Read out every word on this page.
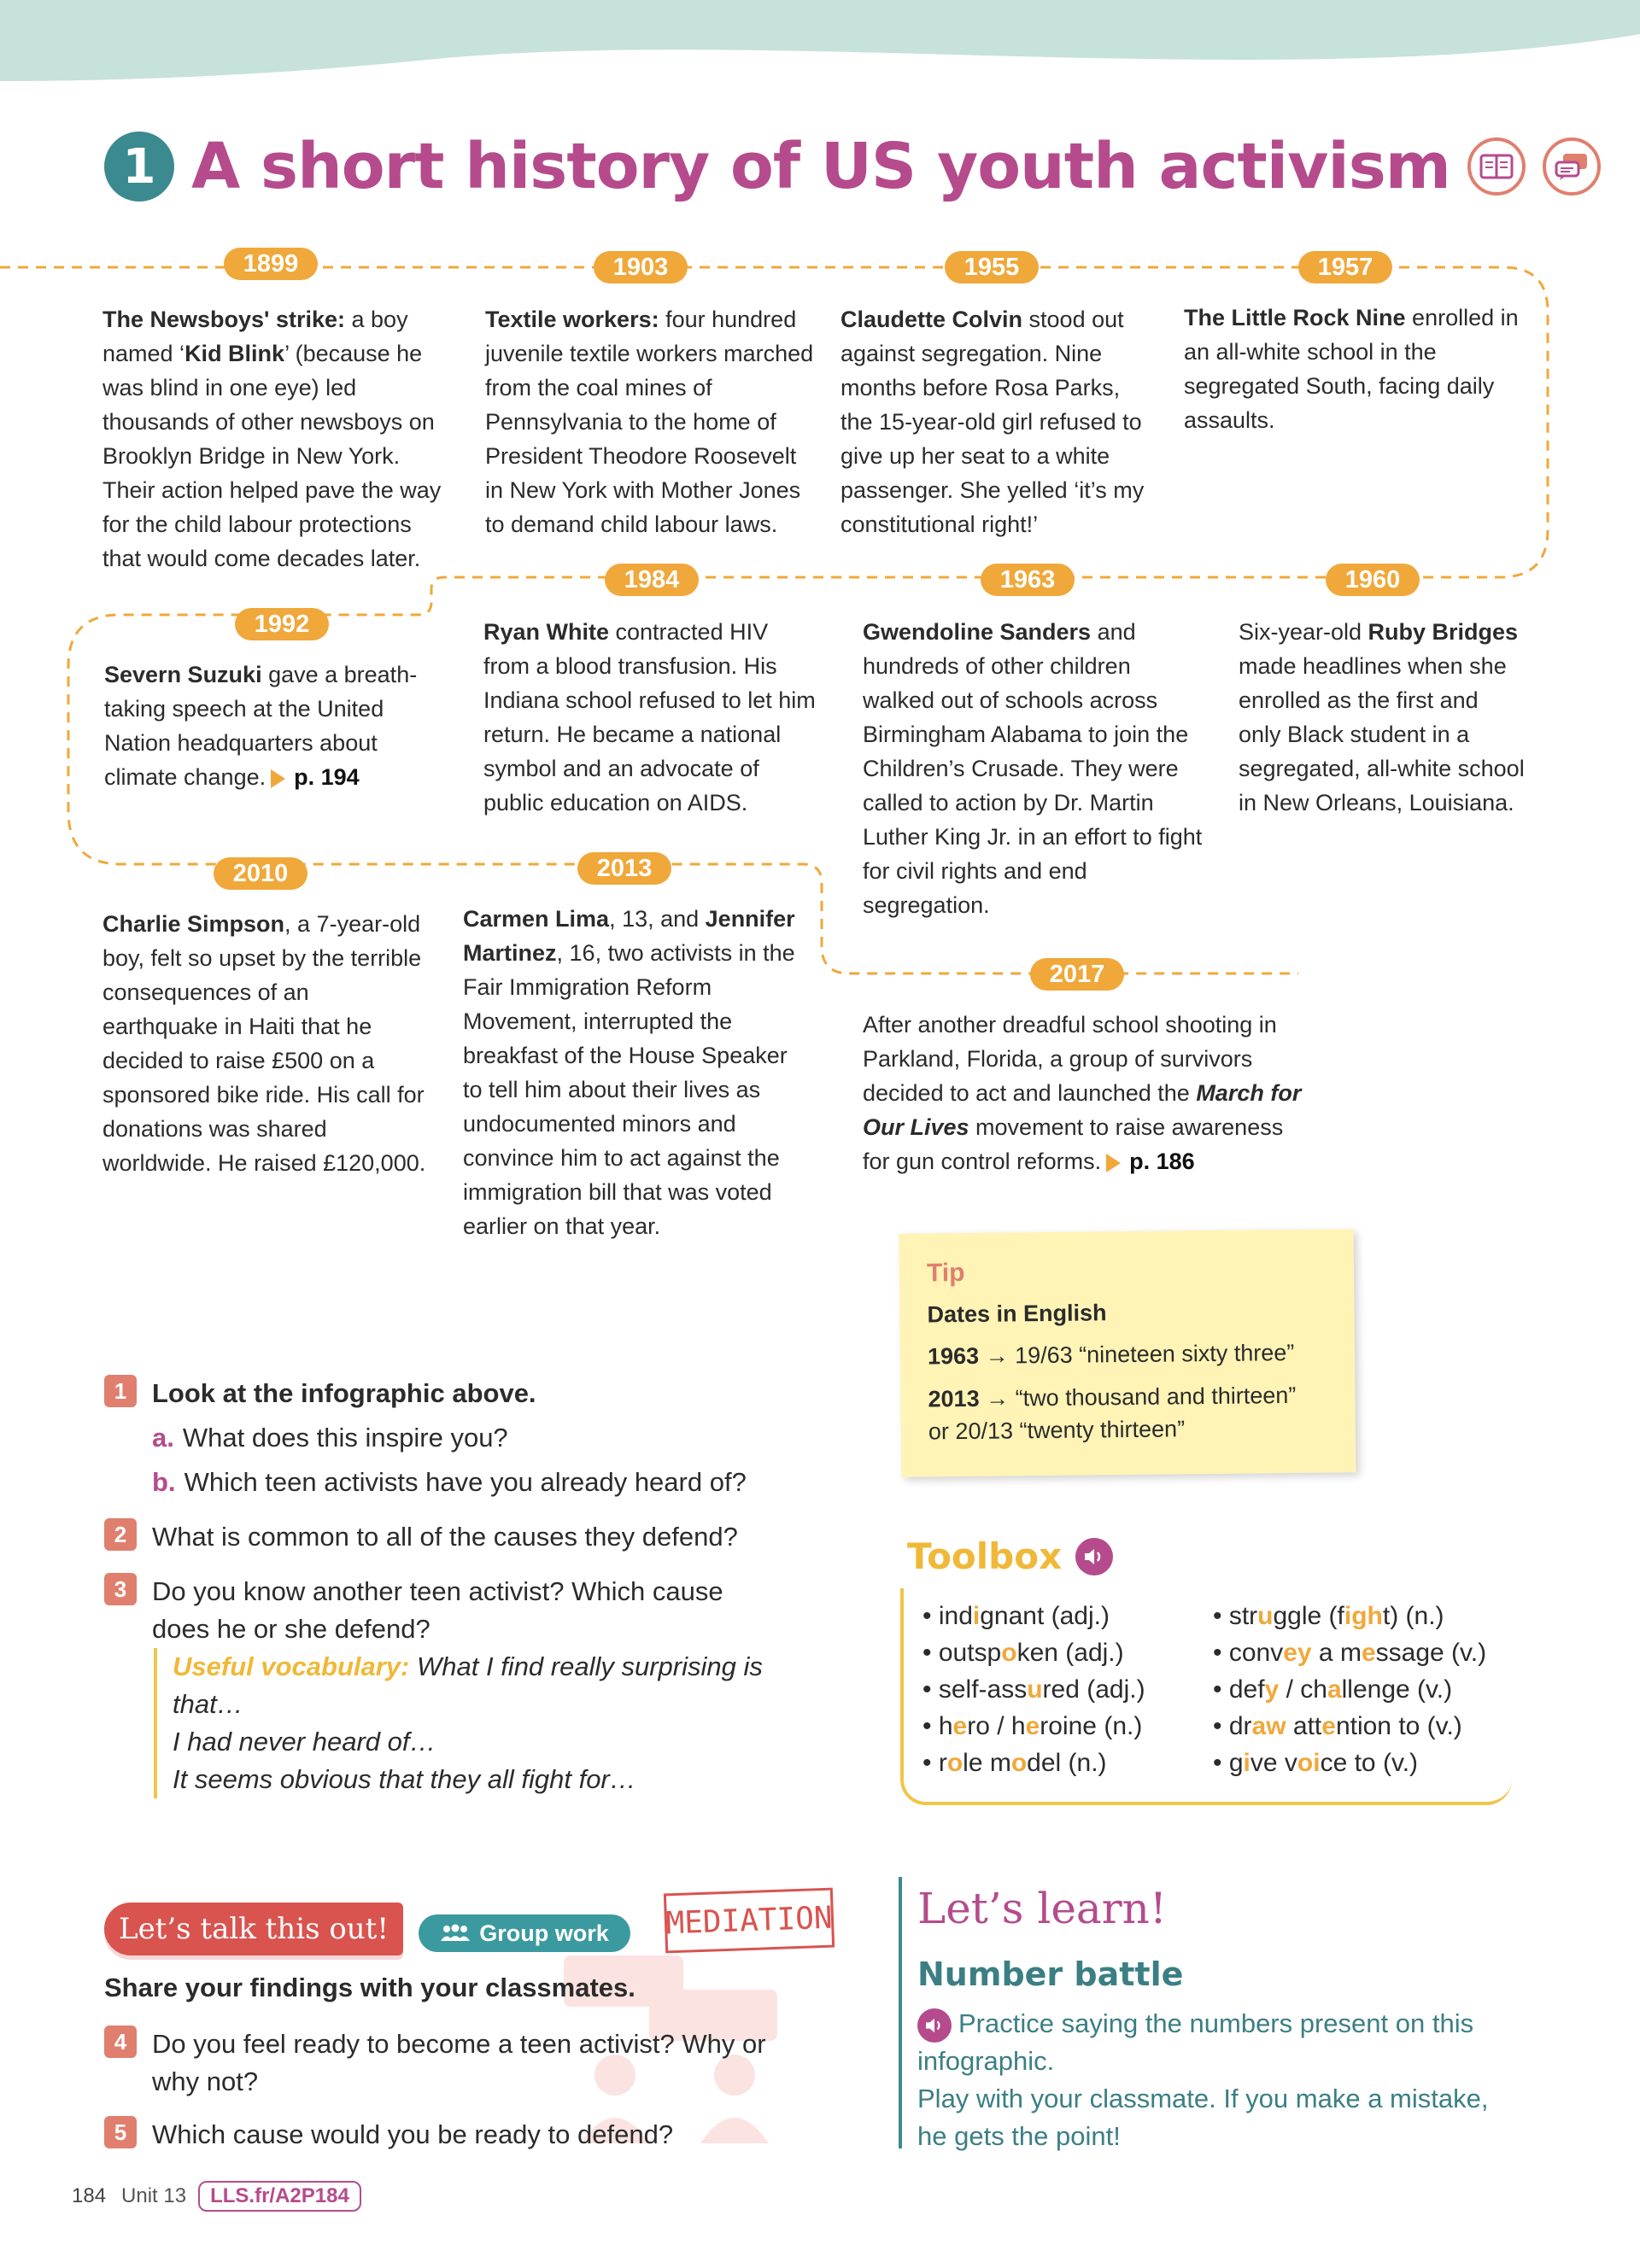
1 A short history of US youth activism
1899	1903	1955	1957
1960
1963
1984
1992
2010	2013
2017
The Newsboys' strike: a boy named ‘Kid Blink’ (because he was blind in one eye) led thousands of other newsboys on Brooklyn Bridge in New York. Their action helped pave the way for the child labour protections that would come decades later.
Textile workers: four hundred juvenile textile workers marched from the coal mines of Pennsylvania to the home of President Theodore Roosevelt in New York with Mother Jones to demand child labour laws.
Claudette Colvin stood out against segregation. Nine months before Rosa Parks, the 15-year-old girl refused to give up her seat to a white passenger. She yelled ‘it’s my constitutional right!’
The Little Rock Nine enrolled in an all-white school in the segregated South, facing daily assaults.
Six-year-old Ruby Bridges made headlines when she enrolled as the first and only Black student in a segregated, all-white school in New Orleans, Louisiana.
Gwendoline Sanders and hundreds of other children walked out of schools across Birmingham Alabama to join the Children’s Crusade. They were called to action by Dr. Martin Luther King Jr. in an effort to fight for civil rights and end segregation.
Ryan White contracted HIV from a blood transfusion. His Indiana school refused to let him return. He became a national symbol and an advocate of public education on AIDS.
Severn Suzuki gave a breath-taking speech at the United Nation headquarters about climate change. p. 194
Charlie Simpson, a 7-year-old boy, felt so upset by the terrible consequences of an earthquake in Haiti that he decided to raise £500 on a sponsored bike ride. His call for donations was shared worldwide. He raised £120,000.
Carmen Lima, 13, and Jennifer Martinez, 16, two activists in the Fair Immigration Reform Movement, interrupted the breakfast of the House Speaker to tell him about their lives as undocumented minors and convince him to act against the immigration bill that was voted earlier on that year.
After another dreadful school shooting in Parkland, Florida, a group of survivors decided to act and launched the March for Our Lives movement to raise awareness for gun control reforms. p. 186
Tip
Dates in English
1963 → 19/63 “nineteen sixty three”
2013 → “two thousand and thirteen”
or 20/13 “twenty thirteen”
1 Look at the infographic above.
a. What does this inspire you?
b. Which teen activists have you already heard of?
2 What is common to all of the causes they defend?
3 Do you know another teen activist? Which cause does he or she defend?
Useful vocabulary: What I find really surprising is that…
I had never heard of…
It seems obvious that they all fight for…
Toolbox
• indignant (adj.)
• outspoken (adj.)
• self-assured (adj.)
• hero / heroine (n.)
• role model (n.)
• struggle (fight) (n.)
• convey a message (v.)
• defy / challenge (v.)
• draw attention to (v.)
• give voice to (v.)
Let’s talk this out!	Group work MEDIATION
Share your findings with your classmates.
4 Do you feel ready to become a teen activist? Why or why not?
5 Which cause would you be ready to defend?
Let’s learn!
Number battle
Practice saying the numbers present on this infographic.
Play with your classmate. If you make a mistake, he gets the point!
184 Unit 13	LLS.fr/A2P184
